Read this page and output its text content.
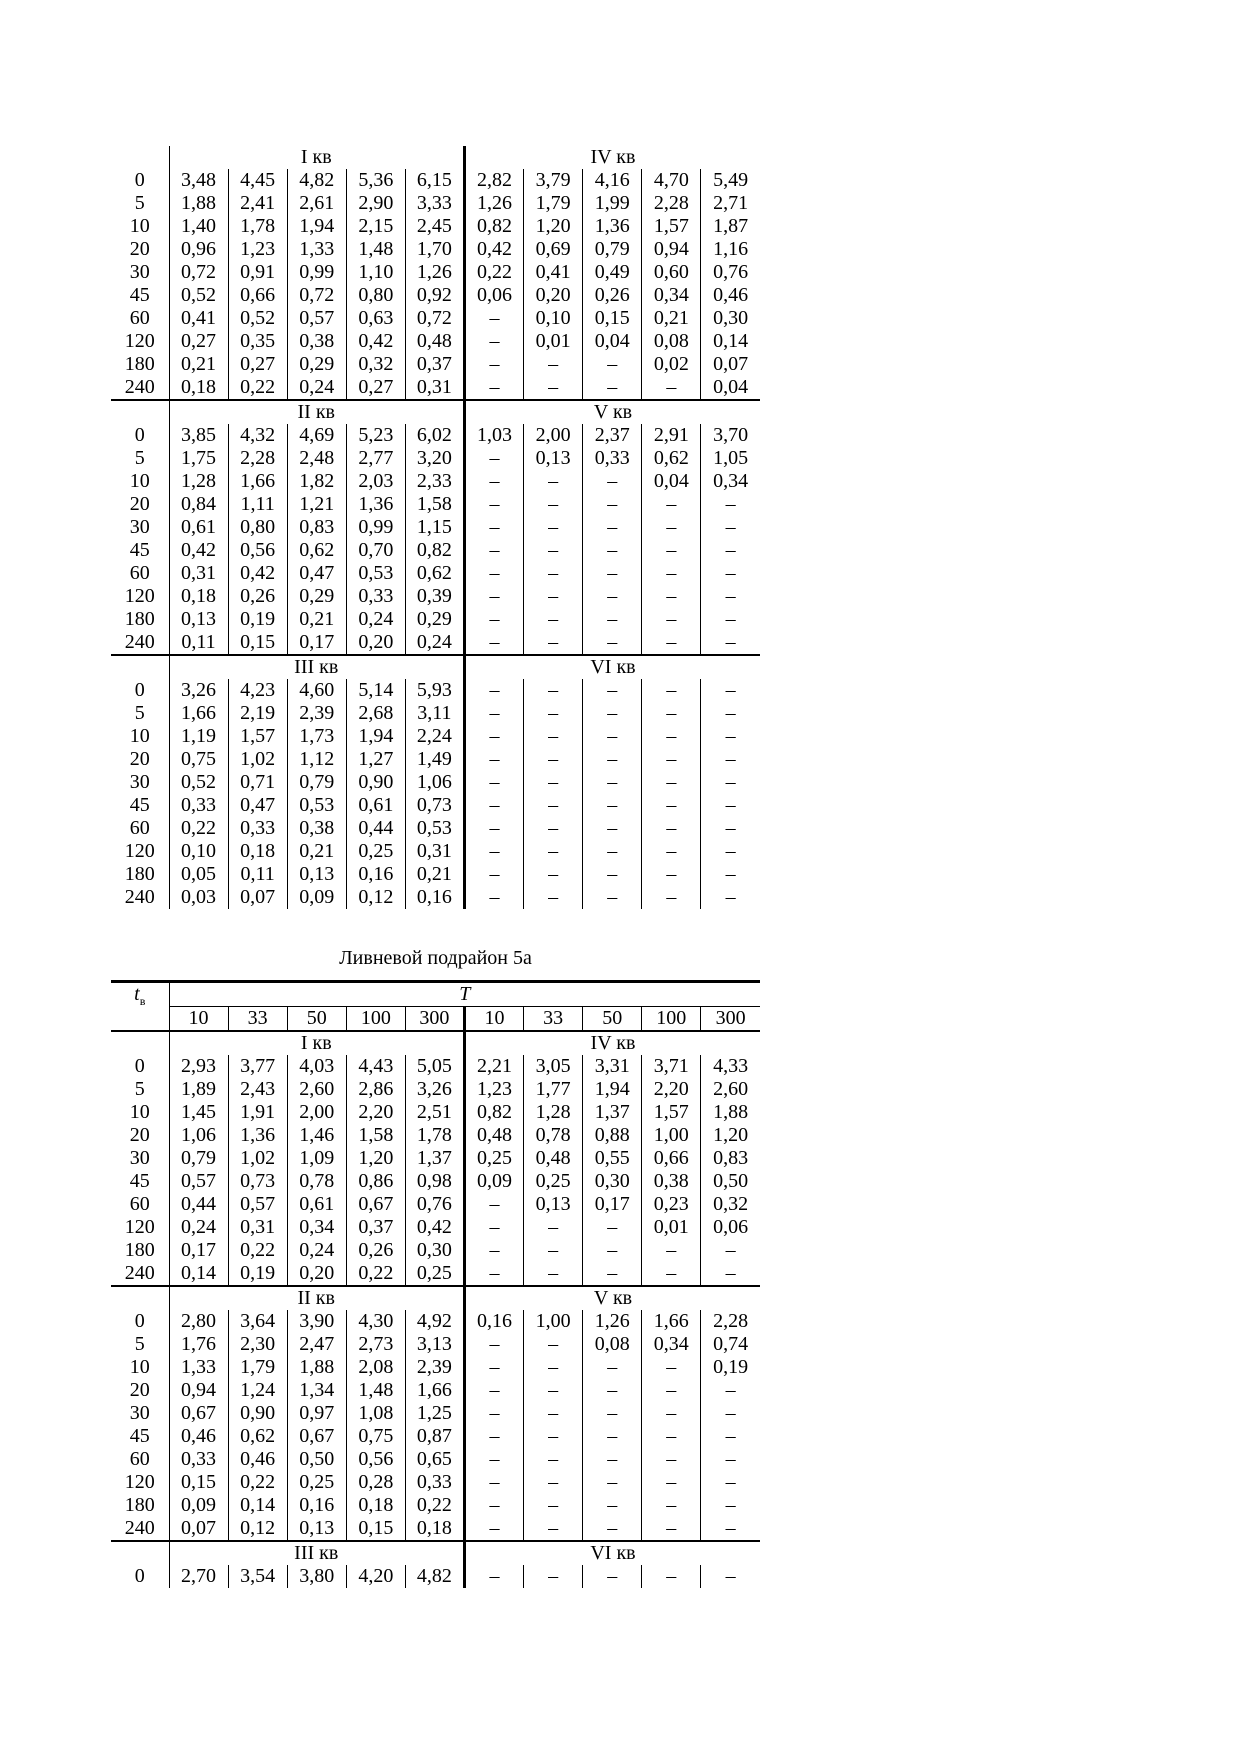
	I кв					IV кв				
0	3,48	4,45	4,82	5,36	6,15	2,82	3,79	4,16	4,70	5,49
5	1,88	2,41	2,61	2,90	3,33	1,26	1,79	1,99	2,28	2,71
10	1,40	1,78	1,94	2,15	2,45	0,82	1,20	1,36	1,57	1,87
20	0,96	1,23	1,33	1,48	1,70	0,42	0,69	0,79	0,94	1,16
30	0,72	0,91	0,99	1,10	1,26	0,22	0,41	0,49	0,60	0,76
45	0,52	0,66	0,72	0,80	0,92	0,06	0,20	0,26	0,34	0,46
60	0,41	0,52	0,57	0,63	0,72	–	0,10	0,15	0,21	0,30
120	0,27	0,35	0,38	0,42	0,48	–	0,01	0,04	0,08	0,14
180	0,21	0,27	0,29	0,32	0,37	–	–	–	0,02	0,07
240	0,18	0,22	0,24	0,27	0,31	–	–	–	–	0,04
	II кв					V кв				
0	3,85	4,32	4,69	5,23	6,02	1,03	2,00	2,37	2,91	3,70
5	1,75	2,28	2,48	2,77	3,20	–	0,13	0,33	0,62	1,05
10	1,28	1,66	1,82	2,03	2,33	–	–	–	0,04	0,34
20	0,84	1,11	1,21	1,36	1,58	–	–	–	–	–
30	0,61	0,80	0,83	0,99	1,15	–	–	–	–	–
45	0,42	0,56	0,62	0,70	0,82	–	–	–	–	–
60	0,31	0,42	0,47	0,53	0,62	–	–	–	–	–
120	0,18	0,26	0,29	0,33	0,39	–	–	–	–	–
180	0,13	0,19	0,21	0,24	0,29	–	–	–	–	–
240	0,11	0,15	0,17	0,20	0,24	–	–	–	–	–
	III кв					VI кв				
0	3,26	4,23	4,60	5,14	5,93	–	–	–	–	–
5	1,66	2,19	2,39	2,68	3,11	–	–	–	–	–
10	1,19	1,57	1,73	1,94	2,24	–	–	–	–	–
20	0,75	1,02	1,12	1,27	1,49	–	–	–	–	–
30	0,52	0,71	0,79	0,90	1,06	–	–	–	–	–
45	0,33	0,47	0,53	0,61	0,73	–	–	–	–	–
60	0,22	0,33	0,38	0,44	0,53	–	–	–	–	–
120	0,10	0,18	0,21	0,25	0,31	–	–	–	–	–
180	0,05	0,11	0,13	0,16	0,21	–	–	–	–	–
240	0,03	0,07	0,09	0,12	0,16	–	–	–	–	–
Ливневой подрайон 5а
$t_в$	T									
	10	33	50	100	300	10	33	50	100	300
	I кв					IV кв				
0	2,93	3,77	4,03	4,43	5,05	2,21	3,05	3,31	3,71	4,33
5	1,89	2,43	2,60	2,86	3,26	1,23	1,77	1,94	2,20	2,60
10	1,45	1,91	2,00	2,20	2,51	0,82	1,28	1,37	1,57	1,88
20	1,06	1,36	1,46	1,58	1,78	0,48	0,78	0,88	1,00	1,20
30	0,79	1,02	1,09	1,20	1,37	0,25	0,48	0,55	0,66	0,83
45	0,57	0,73	0,78	0,86	0,98	0,09	0,25	0,30	0,38	0,50
60	0,44	0,57	0,61	0,67	0,76	–	0,13	0,17	0,23	0,32
120	0,24	0,31	0,34	0,37	0,42	–	–	–	0,01	0,06
180	0,17	0,22	0,24	0,26	0,30	–	–	–	–	–
240	0,14	0,19	0,20	0,22	0,25	–	–	–	–	–
	II кв					V кв				
0	2,80	3,64	3,90	4,30	4,92	0,16	1,00	1,26	1,66	2,28
5	1,76	2,30	2,47	2,73	3,13	–	–	0,08	0,34	0,74
10	1,33	1,79	1,88	2,08	2,39	–	–	–	–	0,19
20	0,94	1,24	1,34	1,48	1,66	–	–	–	–	–
30	0,67	0,90	0,97	1,08	1,25	–	–	–	–	–
45	0,46	0,62	0,67	0,75	0,87	–	–	–	–	–
60	0,33	0,46	0,50	0,56	0,65	–	–	–	–	–
120	0,15	0,22	0,25	0,28	0,33	–	–	–	–	–
180	0,09	0,14	0,16	0,18	0,22	–	–	–	–	–
240	0,07	0,12	0,13	0,15	0,18	–	–	–	–	–
	III кв					VI кв				
0	2,70	3,54	3,80	4,20	4,82	–	–	–	–	–
